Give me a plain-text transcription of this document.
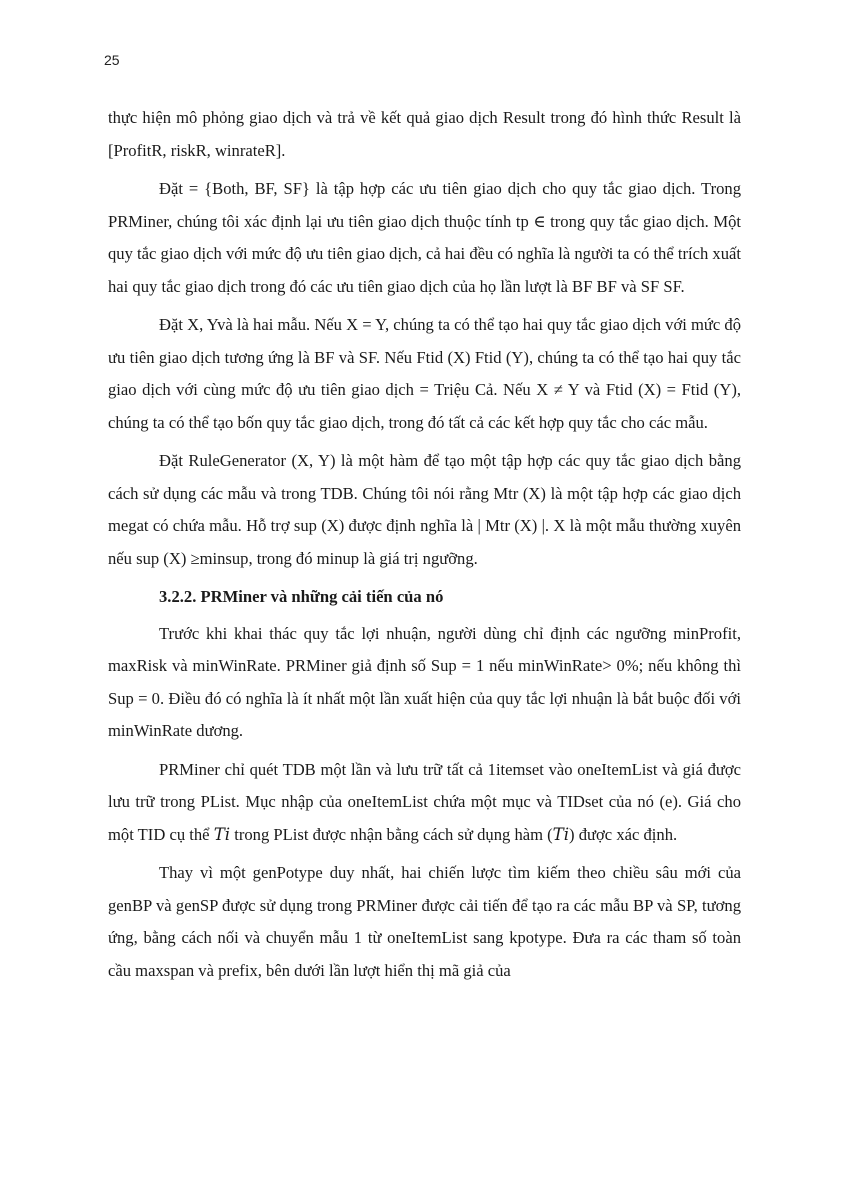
25

thực hiện mô phỏng giao dịch và trả về kết quả giao dịch Result trong đó hình thức Result là [ProfitR, riskR, winrateR].

Đặt = {Both, BF, SF} là tập hợp các ưu tiên giao dịch cho quy tắc giao dịch. Trong PRMiner, chúng tôi xác định lại ưu tiên giao dịch thuộc tính tp ∈ trong quy tắc giao dịch. Một quy tắc giao dịch với mức độ ưu tiên giao dịch, cả hai đều có nghĩa là người ta có thể trích xuất hai quy tắc giao dịch trong đó các ưu tiên giao dịch của họ lần lượt là BF BF và SF SF.

Đặt X, Yvà là hai mẫu. Nếu X = Y, chúng ta có thể tạo hai quy tắc giao dịch với mức độ ưu tiên giao dịch tương ứng là BF và SF. Nếu Ftid (X) Ftid (Y), chúng ta có thể tạo hai quy tắc giao dịch với cùng mức độ ưu tiên giao dịch = Triệu Cả. Nếu X ≠ Y và Ftid (X) = Ftid (Y), chúng ta có thể tạo bốn quy tắc giao dịch, trong đó tất cả các kết hợp quy tắc cho các mẫu.

Đặt RuleGenerator (X, Y) là một hàm để tạo một tập hợp các quy tắc giao dịch bằng cách sử dụng các mẫu và trong TDB. Chúng tôi nói rằng Mtr (X) là một tập hợp các giao dịch megat có chứa mẫu. Hỗ trợ sup (X) được định nghĩa là | Mtr (X) |. X là một mẫu thường xuyên nếu sup (X) ≥minsup, trong đó minup là giá trị ngưỡng.

3.2.2. PRMiner và những cải tiến của nó

Trước khi khai thác quy tắc lợi nhuận, người dùng chỉ định các ngưỡng minProfit, maxRisk và minWinRate. PRMiner giả định số Sup = 1 nếu minWinRate> 0%; nếu không thì Sup = 0. Điều đó có nghĩa là ít nhất một lần xuất hiện của quy tắc lợi nhuận là bắt buộc đối với minWinRate dương.

PRMiner chỉ quét TDB một lần và lưu trữ tất cả 1itemset vào oneItemList và giá được lưu trữ trong PList. Mục nhập của oneItemList chứa một mục và TIDset của nó (e). Giá cho một TID cụ thể 𝑇𝑖 trong PList được nhận bằng cách sử dụng hàm (𝑇𝑖) được xác định.

Thay vì một genPotype duy nhất, hai chiến lược tìm kiếm theo chiều sâu mới của genBP và genSP được sử dụng trong PRMiner được cải tiến để tạo ra các mẫu BP và SP, tương ứng, bằng cách nối và chuyển mẫu 1 từ oneItemList sang kpotype. Đưa ra các tham số toàn cầu maxspan và prefix, bên dưới lần lượt hiển thị mã giả của
